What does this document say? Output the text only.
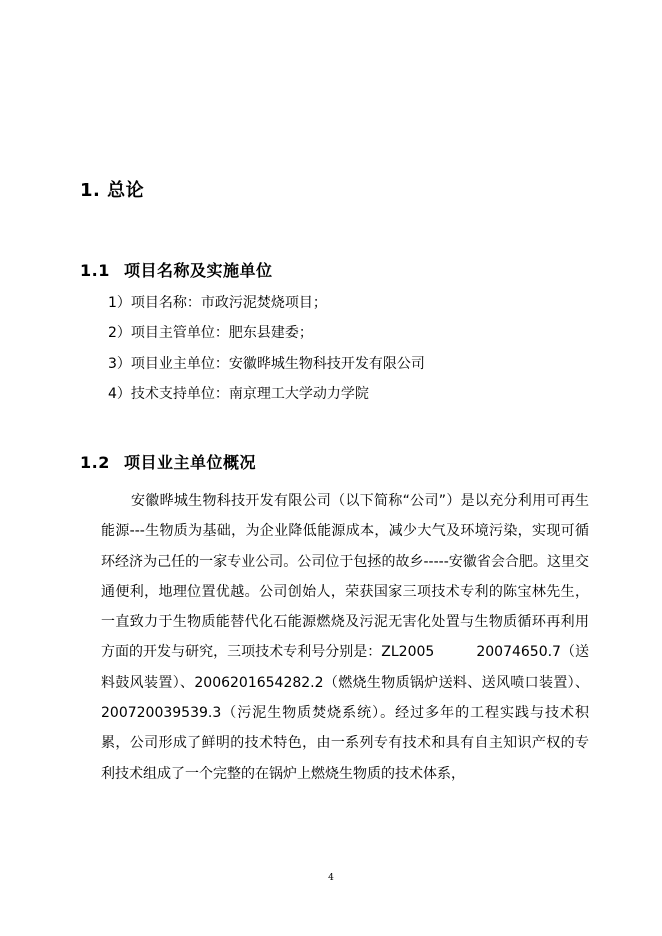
1. 总论
1.1 项目名称及实施单位
1）项目名称：市政污泥焚烧项目；
2）项目主管单位：肥东县建委；
3）项目业主单位：安徽晔城生物科技开发有限公司
4）技术支持单位：南京理工大学动力学院
1.2 项目业主单位概况

安徽晔城生物科技开发有限公司（以下简称“公司”）是以充分利用可再生能源---生物质为基础，为企业降低能源成本，减少大气及环境污染，实现可循环经济为己任的一家专业公司。公司位于包拯的故乡-----安徽省会合肥。这里交通便利，地理位置优越。公司创始人，荣获国家三项技术专利的陈宝林先生，一直致力于生物质能替代化石能源燃烧及污泥无害化处置与生物质循环再利用方面的开发与研究，三项技术专利号分别是：ZL2005　　　20074650.7（送料鼓风装置）、2006201654282.2（燃烧生物质锅炉送料、送风喷口装置）、200720039539.3（污泥生物质焚烧系统）。经过多年的工程实践与技术积累，公司形成了鲜明的技术特色，由一系列专有技术和具有自主知识产权的专利技术组成了一个完整的在锅炉上燃烧生物质的技术体系，

4
